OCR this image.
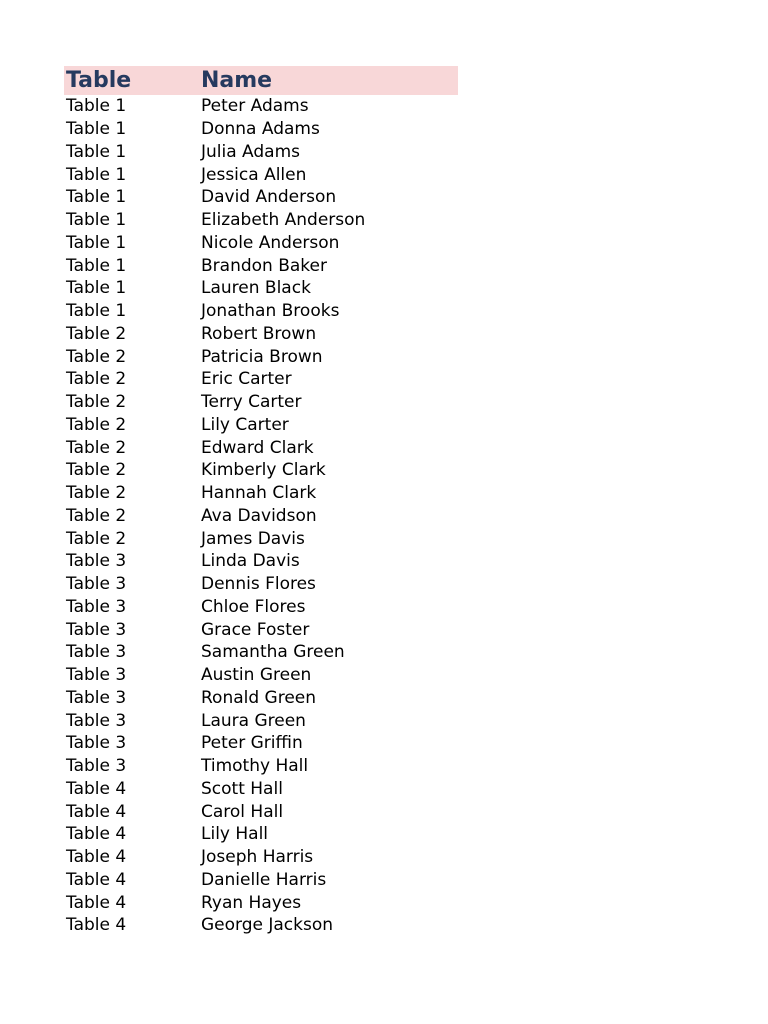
Table	Name
Table 1	Peter Adams
Table 1	Donna Adams
Table 1	Julia Adams
Table 1	Jessica Allen
Table 1	David Anderson
Table 1	Elizabeth Anderson
Table 1	Nicole Anderson
Table 1	Brandon Baker
Table 1	Lauren Black
Table 1	Jonathan Brooks
Table 2	Robert Brown
Table 2	Patricia Brown
Table 2	Eric Carter
Table 2	Terry Carter
Table 2	Lily Carter
Table 2	Edward Clark
Table 2	Kimberly Clark
Table 2	Hannah Clark
Table 2	Ava Davidson
Table 2	James Davis
Table 3	Linda Davis
Table 3	Dennis Flores
Table 3	Chloe Flores
Table 3	Grace Foster
Table 3	Samantha Green
Table 3	Austin Green
Table 3	Ronald Green
Table 3	Laura Green
Table 3	Peter Griffin
Table 3	Timothy Hall
Table 4	Scott Hall
Table 4	Carol Hall
Table 4	Lily Hall
Table 4	Joseph Harris
Table 4	Danielle Harris
Table 4	Ryan Hayes
Table 4	George Jackson
